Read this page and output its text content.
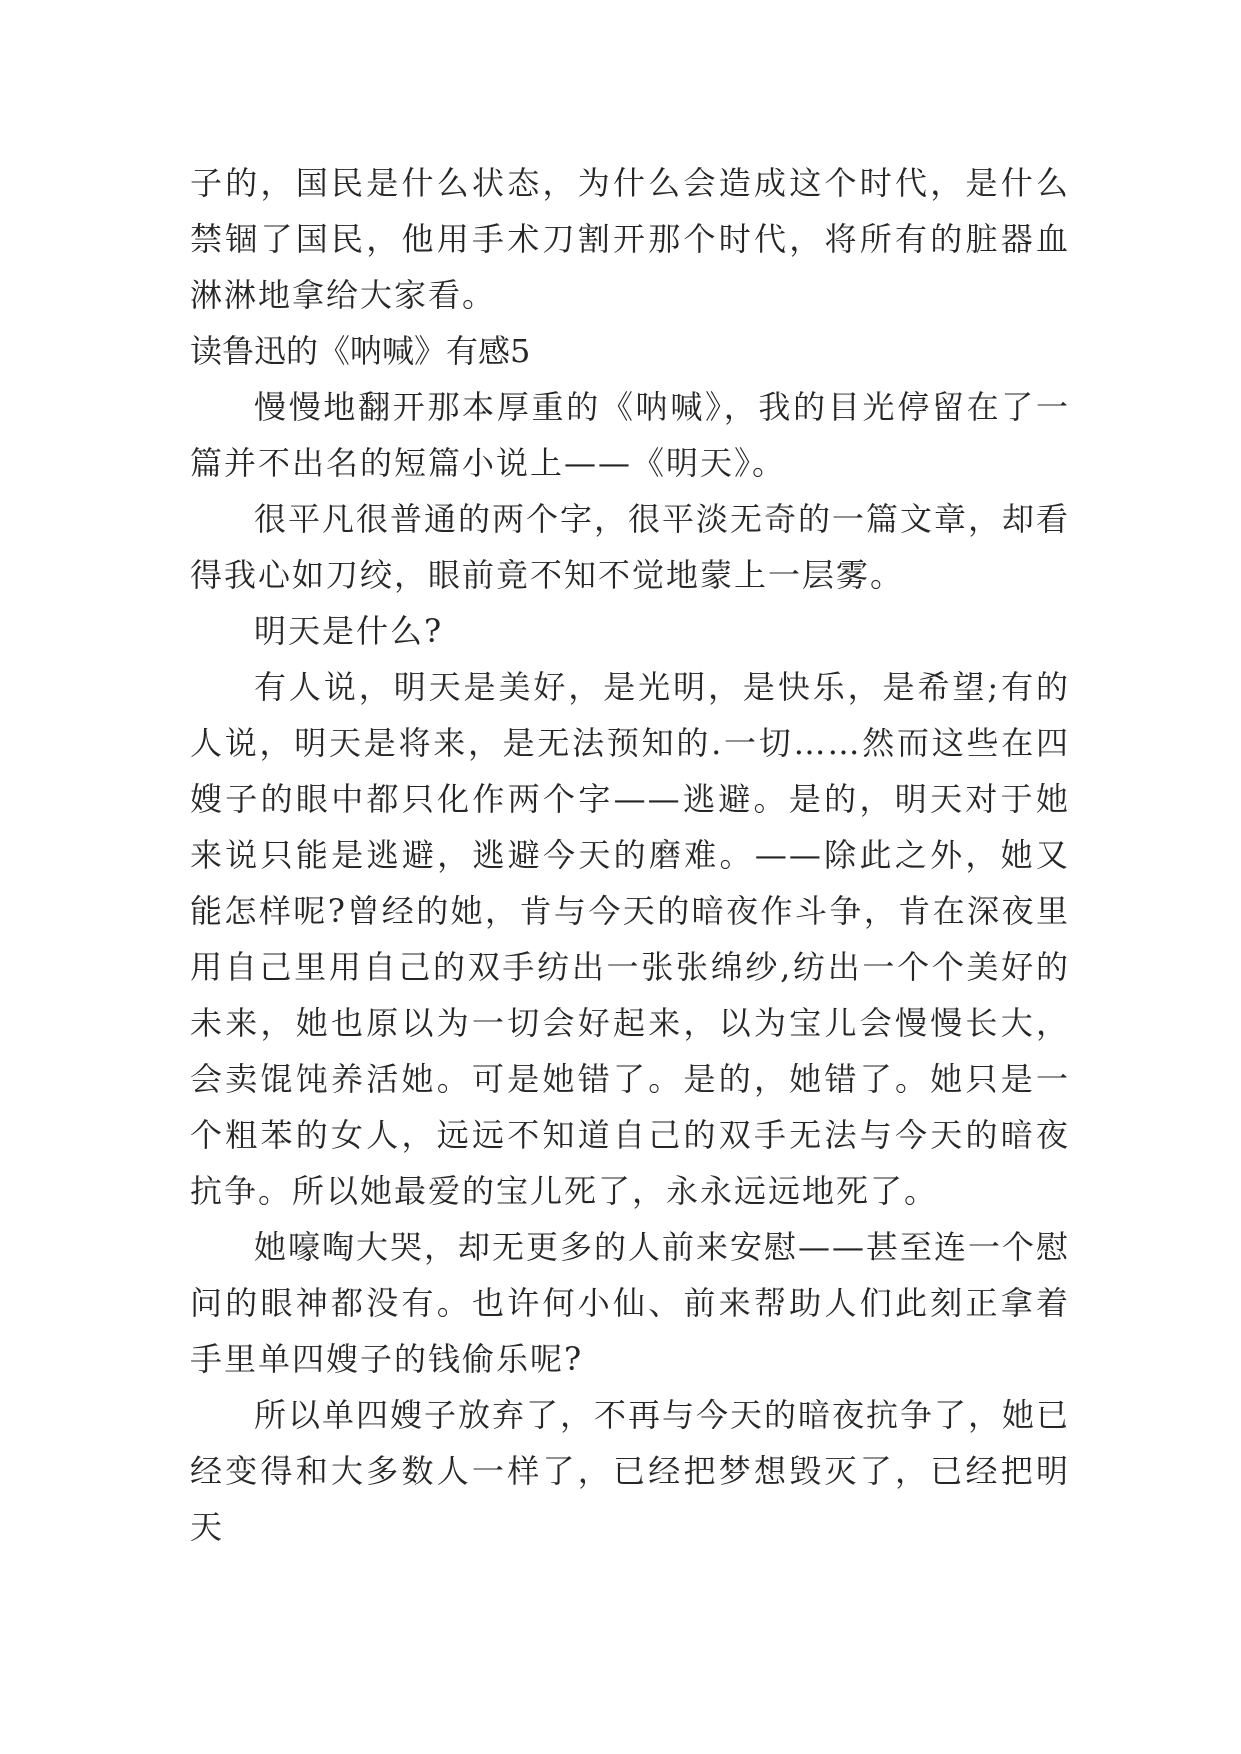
子的，国民是什么状态，为什么会造成这个时代，是什么禁锢了国民，他用手术刀割开那个时代，将所有的脏器血淋淋地拿给大家看。

读鲁迅的《呐喊》有感5

慢慢地翻开那本厚重的《呐喊》，我的目光停留在了一篇并不出名的短篇小说上——《明天》。

很平凡很普通的两个字，很平淡无奇的一篇文章，却看得我心如刀绞，眼前竟不知不觉地蒙上一层雾。

明天是什么?

有人说，明天是美好，是光明，是快乐，是希望;有的人说，明天是将来，是无法预知的.一切……然而这些在四嫂子的眼中都只化作两个字——逃避。是的，明天对于她来说只能是逃避，逃避今天的磨难。——除此之外，她又能怎样呢?曾经的她，肯与今天的暗夜作斗争，肯在深夜里用自己里用自己的双手纺出一张张绵纱,纺出一个个美好的未来，她也原以为一切会好起来，以为宝儿会慢慢长大，会卖馄饨养活她。可是她错了。是的，她错了。她只是一个粗苯的女人，远远不知道自己的双手无法与今天的暗夜抗争。所以她最爱的宝儿死了，永永远远地死了。

她嚎啕大哭，却无更多的人前来安慰——甚至连一个慰问的眼神都没有。也许何小仙、前来帮助人们此刻正拿着手里单四嫂子的钱偷乐呢?

所以单四嫂子放弃了，不再与今天的暗夜抗争了，她已经变得和大多数人一样了，已经把梦想毁灭了，已经把明天
